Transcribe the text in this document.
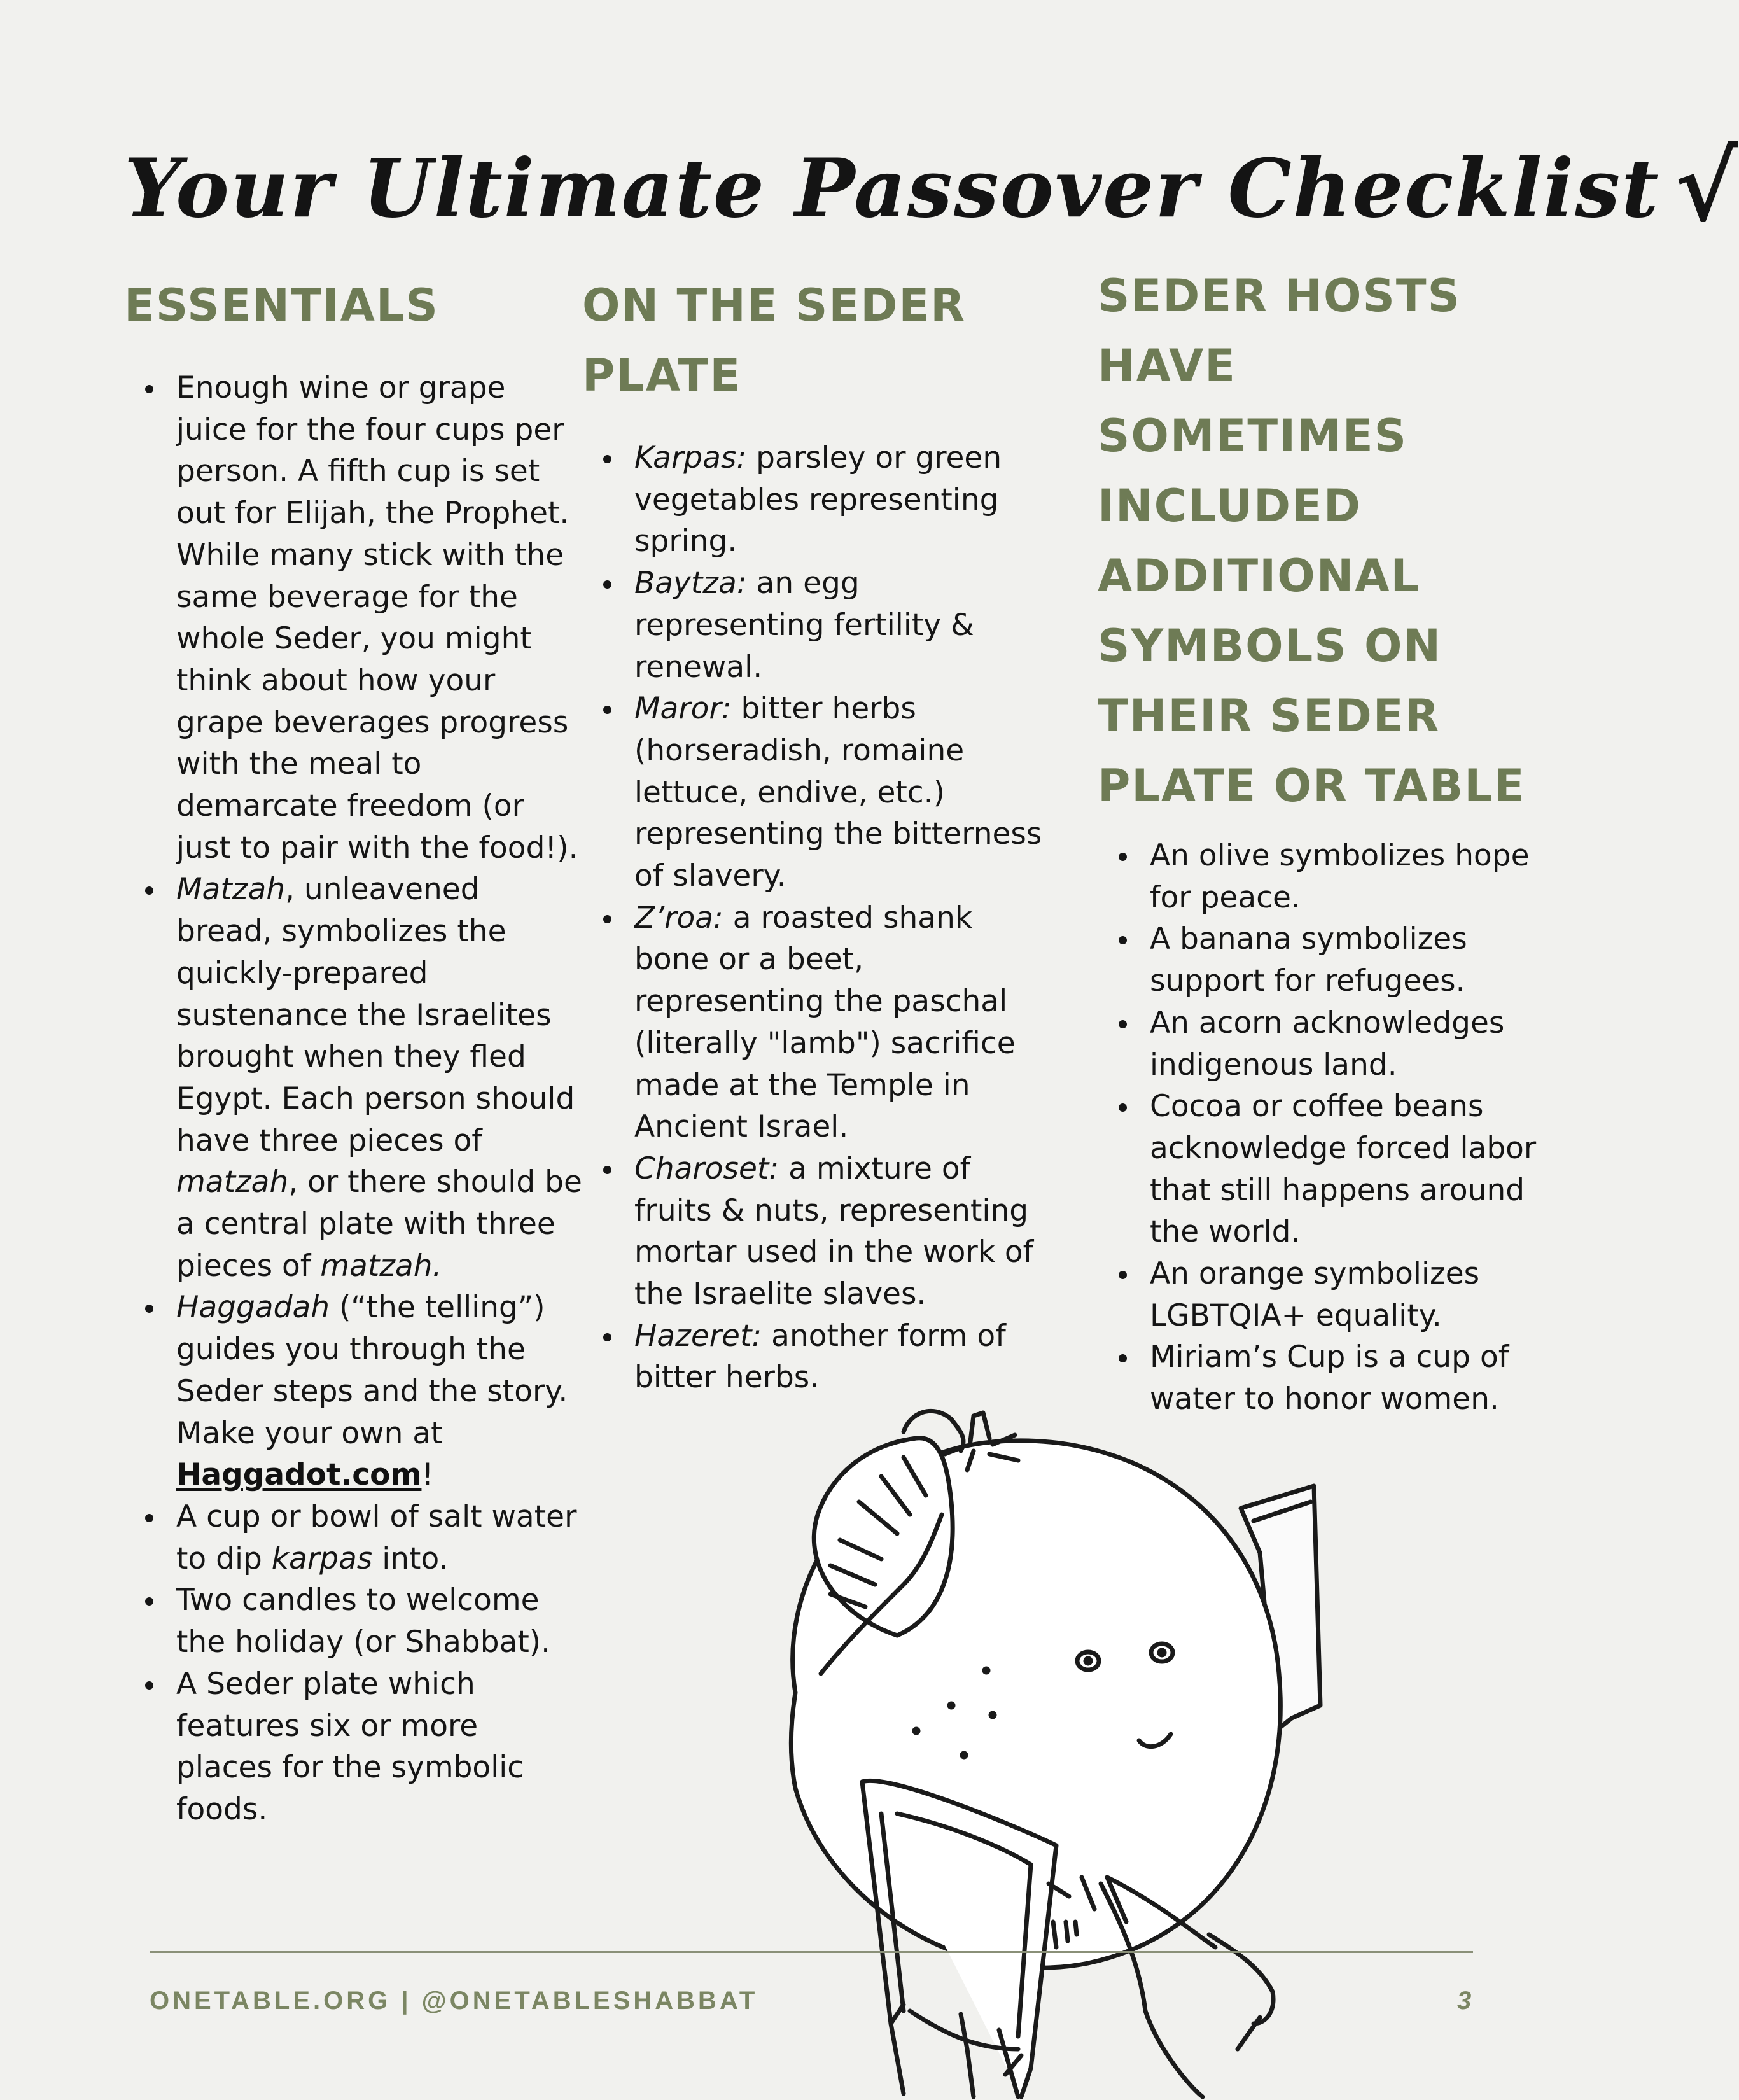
Your Ultimate Passover Checklist √
ESSENTIALS
Enough wine or grape juice for the four cups per person. A fifth cup is set out for Elijah, the Prophet. While many stick with the same beverage for the whole Seder, you might think about how your grape beverages progress with the meal to demarcate freedom (or just to pair with the food!).
Matzah, unleavened bread, symbolizes the quickly-prepared sustenance the Israelites brought when they fled Egypt. Each person should have three pieces of matzah, or there should be a central plate with three pieces of matzah.
Haggadah (“the telling”) guides you through the Seder steps and the story. Make your own at Haggadot.com!
A cup or bowl of salt water to dip karpas into.
Two candles to welcome the holiday (or Shabbat).
A Seder plate which features six or more places for the symbolic foods.
ON THE SEDER PLATE
Karpas: parsley or green vegetables representing spring.
Baytza: an egg representing fertility & renewal.
Maror: bitter herbs (horseradish, romaine lettuce, endive, etc.) representing the bitterness of slavery.
Z’roa: a roasted shank bone or a beet, representing the paschal (literally "lamb") sacrifice made at the Temple in Ancient Israel.
Charoset: a mixture of fruits & nuts, representing mortar used in the work of the Israelite slaves.
Hazeret: another form of bitter herbs.
SEDER HOSTS HAVE SOMETIMES INCLUDED ADDITIONAL SYMBOLS ON THEIR SEDER PLATE OR TABLE
An olive symbolizes hope for peace.
A banana symbolizes support for refugees.
An acorn acknowledges indigenous land.
Cocoa or coffee beans acknowledge forced labor that still happens around the world.
An orange symbolizes LGBTQIA+ equality.
Miriam’s Cup is a cup of water to honor women.
ONETABLE.ORG | @ONETABLESHABBAT	3
